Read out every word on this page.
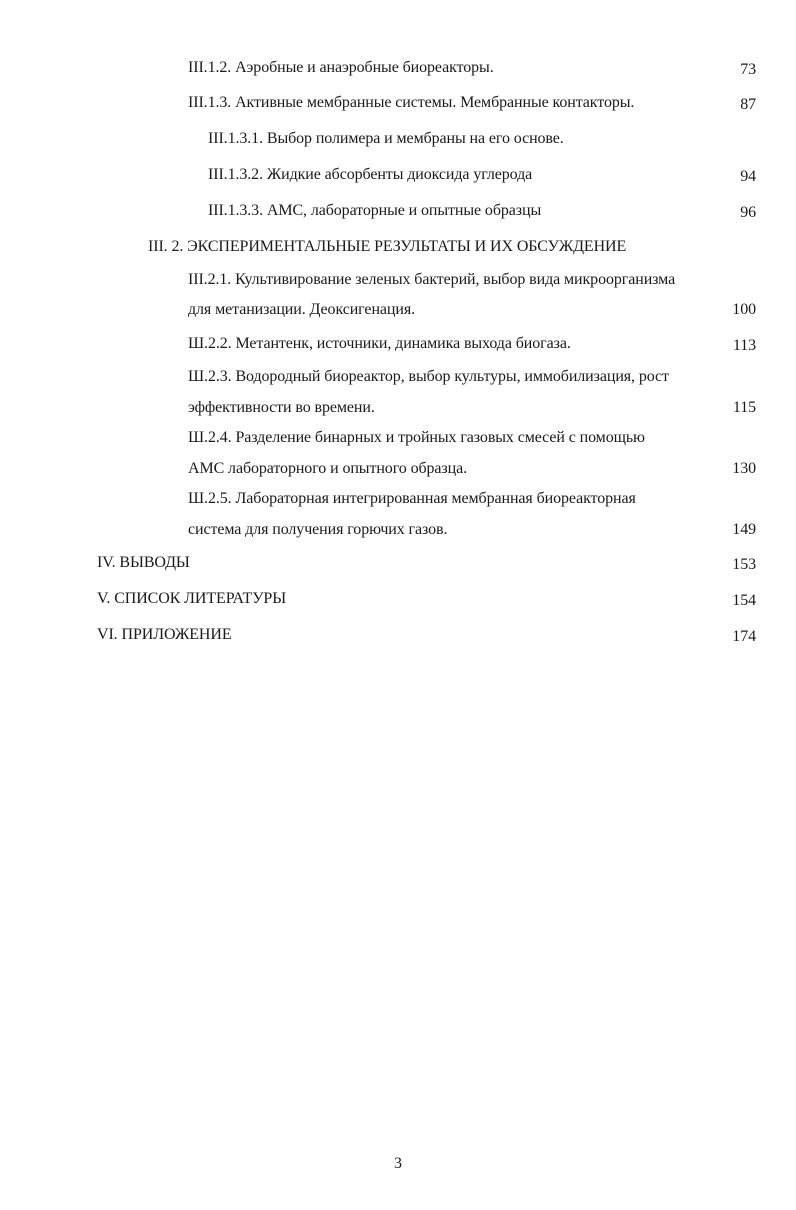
III.1.2. Аэробные и анаэробные биореакторы.	73
III.1.3. Активные мембранные системы. Мембранные контакторы.	87
III.1.3.1. Выбор полимера и мембраны на его основе.
III.1.3.2. Жидкие абсорбенты диоксида углерода	94
III.1.3.3. АМС, лабораторные и опытные образцы	96
III. 2. ЭКСПЕРИМЕНТАЛЬНЫЕ РЕЗУЛЬТАТЫ И ИХ ОБСУЖДЕНИЕ
III.2.1. Культивирование зеленых бактерий, выбор вида микроорганизма
для метанизации. Деоксигенация.	100
Ш.2.2. Метантенк, источники, динамика выхода биогаза.	113
Ш.2.3. Водородный биореактор, выбор культуры, иммобилизация, рост
эффективности во времени.	115
Ш.2.4. Разделение бинарных и тройных газовых смесей с помощью
АМС лабораторного и опытного образца.	130
Ш.2.5. Лабораторная интегрированная мембранная биореакторная
система для получения горючих газов.	149
IV. ВЫВОДЫ	153
V. СПИСОК ЛИТЕРАТУРЫ	154
VI. ПРИЛОЖЕНИЕ	174
3
